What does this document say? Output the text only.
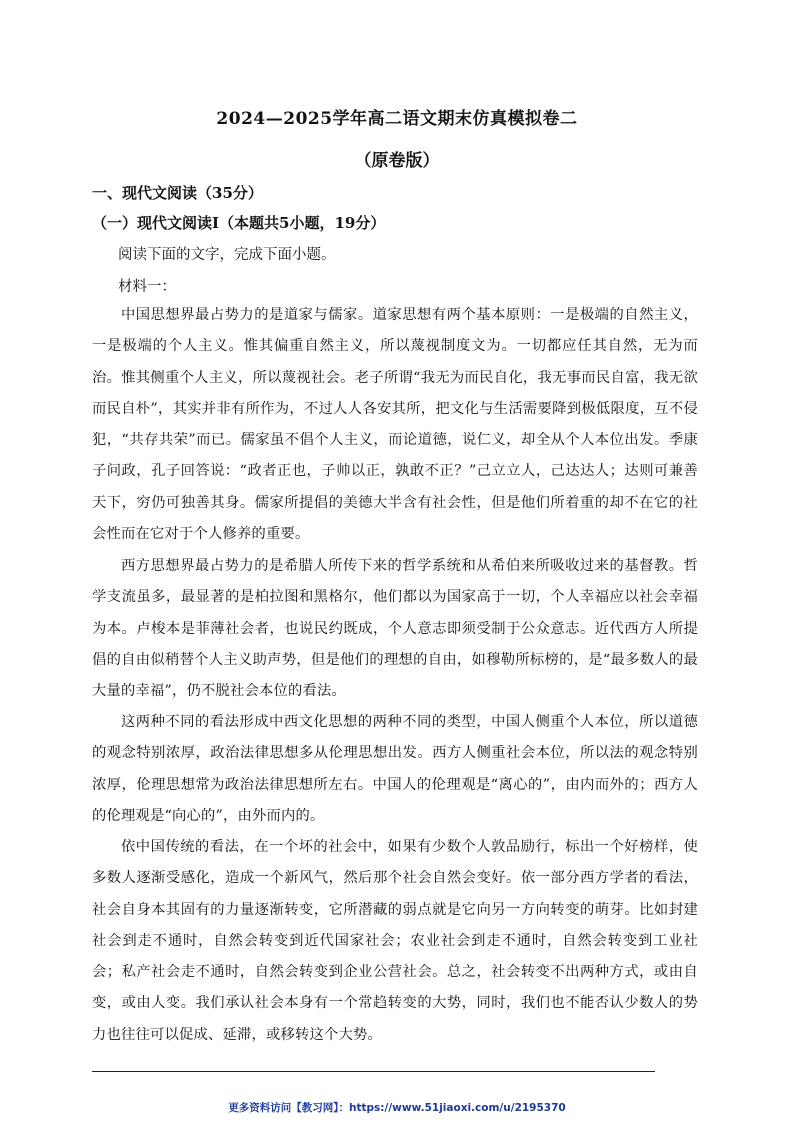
2024—2025学年高二语文期末仿真模拟卷二
（原卷版）
一、现代文阅读（35分）
（一）现代文阅读Ⅰ（本题共5小题，19分）
阅读下面的文字，完成下面小题。
材料一：

中国思想界最占势力的是道家与儒家。道家思想有两个基本原则：一是极端的自然主义，一是极端的个人主义。惟其偏重自然主义，所以蔑视制度文为。一切都应任其自然，无为而治。惟其侧重个人主义，所以蔑视社会。老子所谓“我无为而民自化，我无事而民自富，我无欲而民自朴”，其实并非有所作为，不过人人各安其所，把文化与生活需要降到极低限度，互不侵犯，“共存共荣”而已。儒家虽不倡个人主义，而论道德，说仁义，却全从个人本位出发。季康子问政，孔子回答说：“政者正也，子帅以正，孰敢不正？”己立立人，己达达人；达则可兼善天下，穷仍可独善其身。儒家所提倡的美德大半含有社会性，但是他们所着重的却不在它的社会性而在它对于个人修养的重要。

西方思想界最占势力的是希腊人所传下来的哲学系统和从希伯来所吸收过来的基督教。哲学支流虽多，最显著的是柏拉图和黑格尔，他们都以为国家高于一切，个人幸福应以社会幸福为本。卢梭本是菲薄社会者，也说民约既成，个人意志即须受制于公众意志。近代西方人所提倡的自由似稍替个人主义助声势，但是他们的理想的自由，如穆勒所标榜的，是“最多数人的最大量的幸福”，仍不脱社会本位的看法。

这两种不同的看法形成中西文化思想的两种不同的类型，中国人侧重个人本位，所以道德的观念特别浓厚，政治法律思想多从伦理思想出发。西方人侧重社会本位，所以法的观念特别浓厚，伦理思想常为政治法律思想所左右。中国人的伦理观是“离心的”，由内而外的；西方人的伦理观是“向心的”，由外而内的。

依中国传统的看法，在一个坏的社会中，如果有少数个人敦品励行，标出一个好榜样，使多数人逐渐受感化，造成一个新风气，然后那个社会自然会变好。依一部分西方学者的看法，社会自身本其固有的力量逐渐转变，它所潜藏的弱点就是它向另一方向转变的萌芽。比如封建社会到走不通时，自然会转变到近代国家社会；农业社会到走不通时，自然会转变到工业社会；私产社会走不通时，自然会转变到企业公营社会。总之，社会转变不出两种方式，或由自变，或由人变。我们承认社会本身有一个常趋转变的大势，同时，我们也不能否认少数人的势力也往往可以促成、延滞，或移转这个大势。

更多资料访问【教习网】：https://www.51jiaoxi.com/u/2195370
